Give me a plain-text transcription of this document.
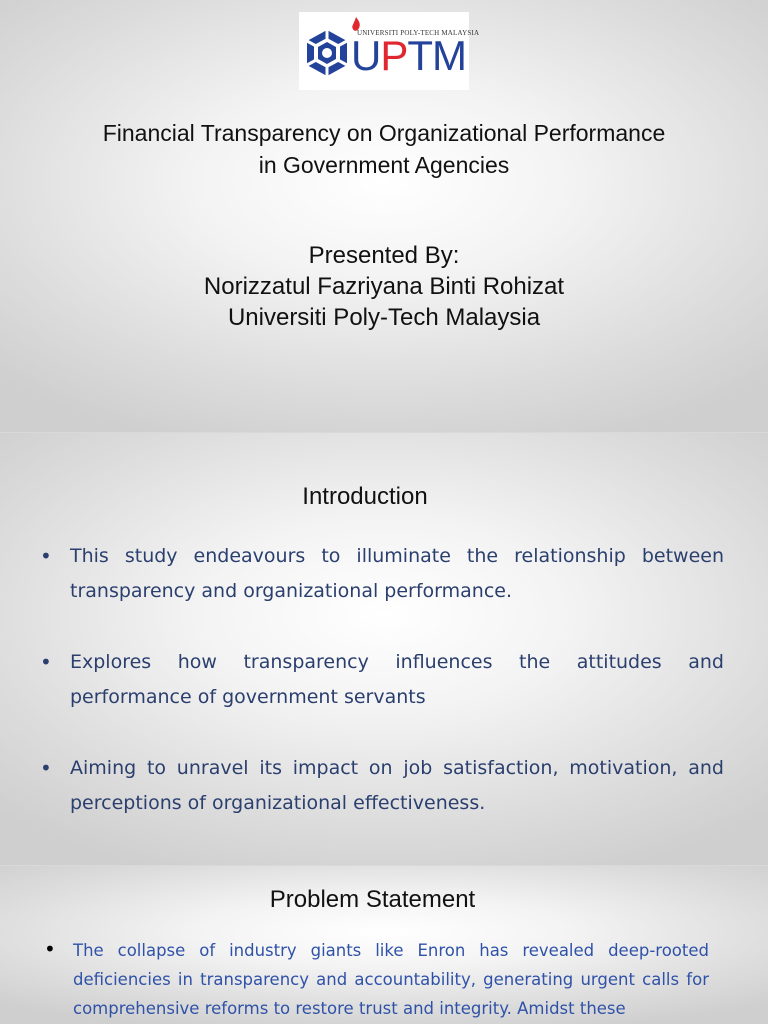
UNIVERSITI POLY-TECH MALAYSIA
UPTM
Financial Transparency on Organizational Performance
in Government Agencies
Presented By:
Norizzatul Fazriyana Binti Rohizat
Universiti Poly-Tech Malaysia
Introduction
• This study endeavours to illuminate the relationship between transparency and organizational performance.
• Explores how transparency influences the attitudes and performance of government servants
• Aiming to unravel its impact on job satisfaction, motivation, and perceptions of organizational effectiveness.
Problem Statement
• The collapse of industry giants like Enron has revealed deep-rooted deficiencies in transparency and accountability, generating urgent calls for comprehensive reforms to restore trust and integrity. Amidst these
